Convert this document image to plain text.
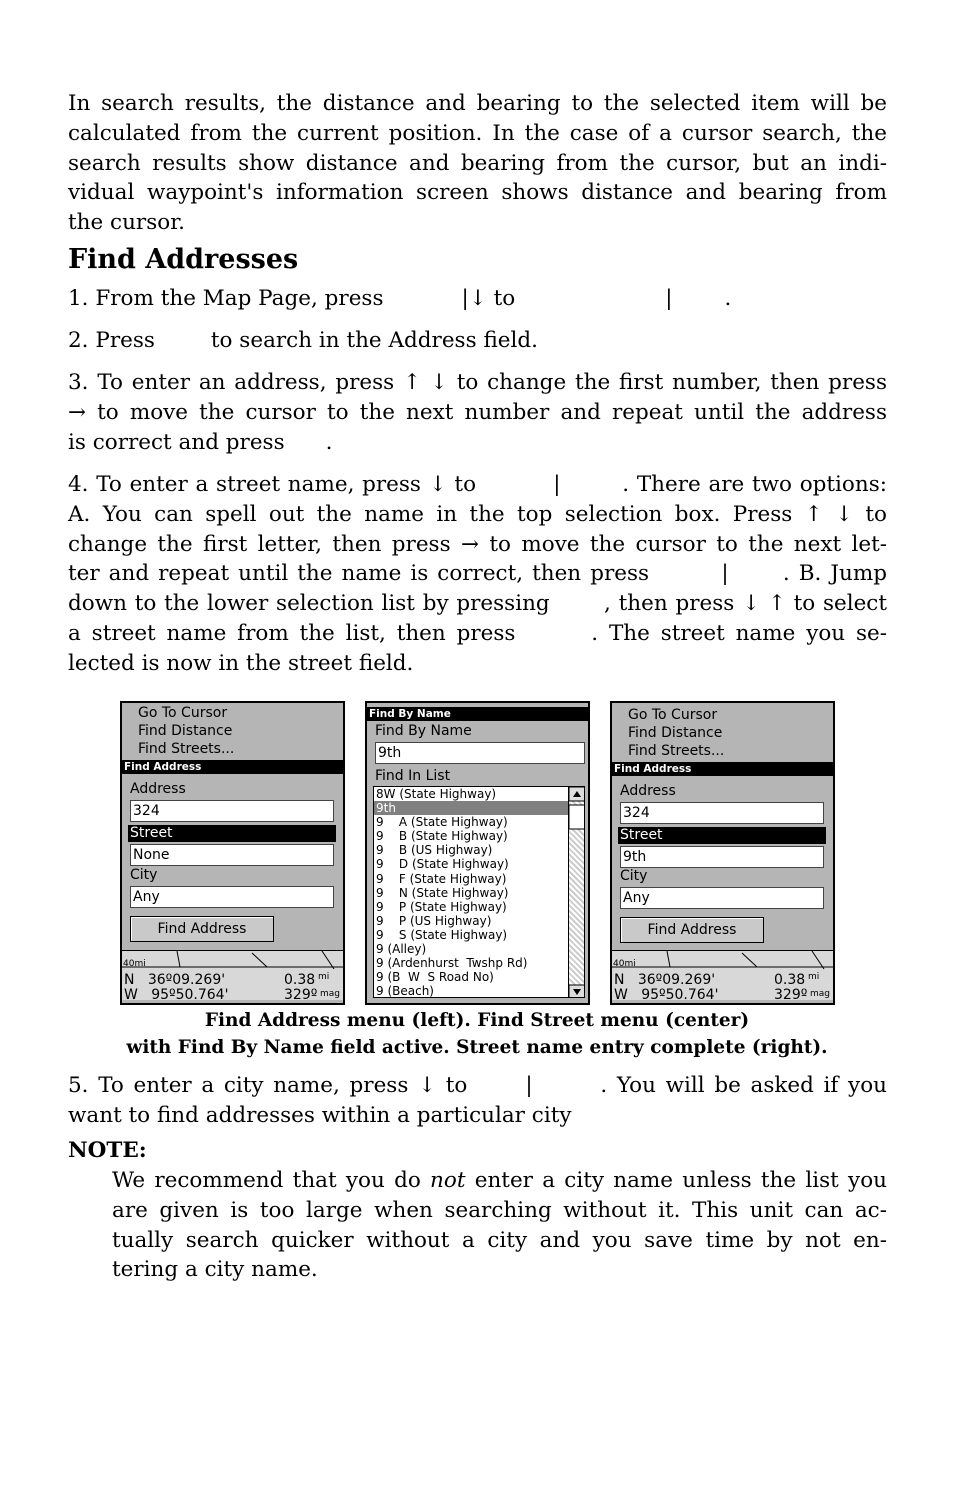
In search results, the distance and bearing to the selected item will be
calculated from the current position. In the case of a cursor search, the
search results show distance and bearing from the cursor, but an indi-
vidual waypoint's information screen shows distance and bearing from
the cursor.
Find Addresses
1. From the Map Page, press	|↓ to	| .
2. Press	to search in the Address field.
3. To enter an address, press ↑ ↓ to change the first number, then press
→ to move the cursor to the next number and repeat until the address
is correct and press      .
4. To enter a street name, press ↓ to          |        . There are two options:
A. You can spell out the name in the top selection box. Press ↑ ↓ to
change the first letter, then press → to move the cursor to the next let-
ter and repeat until the name is correct, then press        |      . B. Jump
down to the lower selection list by pressing       , then press ↓ ↑ to select
a street name from the list, then press       . The street name you se-
lected is now in the street field.
Go To Cursor
Find Distance
Find Streets...
Find Address
Address
324
Street
None
City
Any
Find Address
40mi
N   36º09.269'
W   95º50.764'
0.38 mi
329º mag
Find By Name
Find By Name
9th
Find In List
8W (State Highway)
9th
9    A (State Highway)
9    B (State Highway)
9    B (US Highway)
9    D (State Highway)
9    F (State Highway)
9    N (State Highway)
9    P (State Highway)
9    P (US Highway)
9    S (State Highway)
9 (Alley)
9 (Ardenhurst  Twshp Rd)
9 (B  W  S Road No)
9 (Beach)
Go To Cursor
Find Distance
Find Streets...
Find Address
Address
324
Street
9th
City
Any
Find Address
40mi
N   36º09.269'
W   95º50.764'
0.38 mi
329º mag
Find Address menu (left). Find Street menu (center)
with Find By Name field active. Street name entry complete (right).
5. To enter a city name, press ↓ to      |       . You will be asked if you
want to find addresses within a particular city
NOTE:
We recommend that you do not enter a city name unless the list you
are given is too large when searching without it. This unit can ac-
tually search quicker without a city and you save time by not en-
tering a city name.
